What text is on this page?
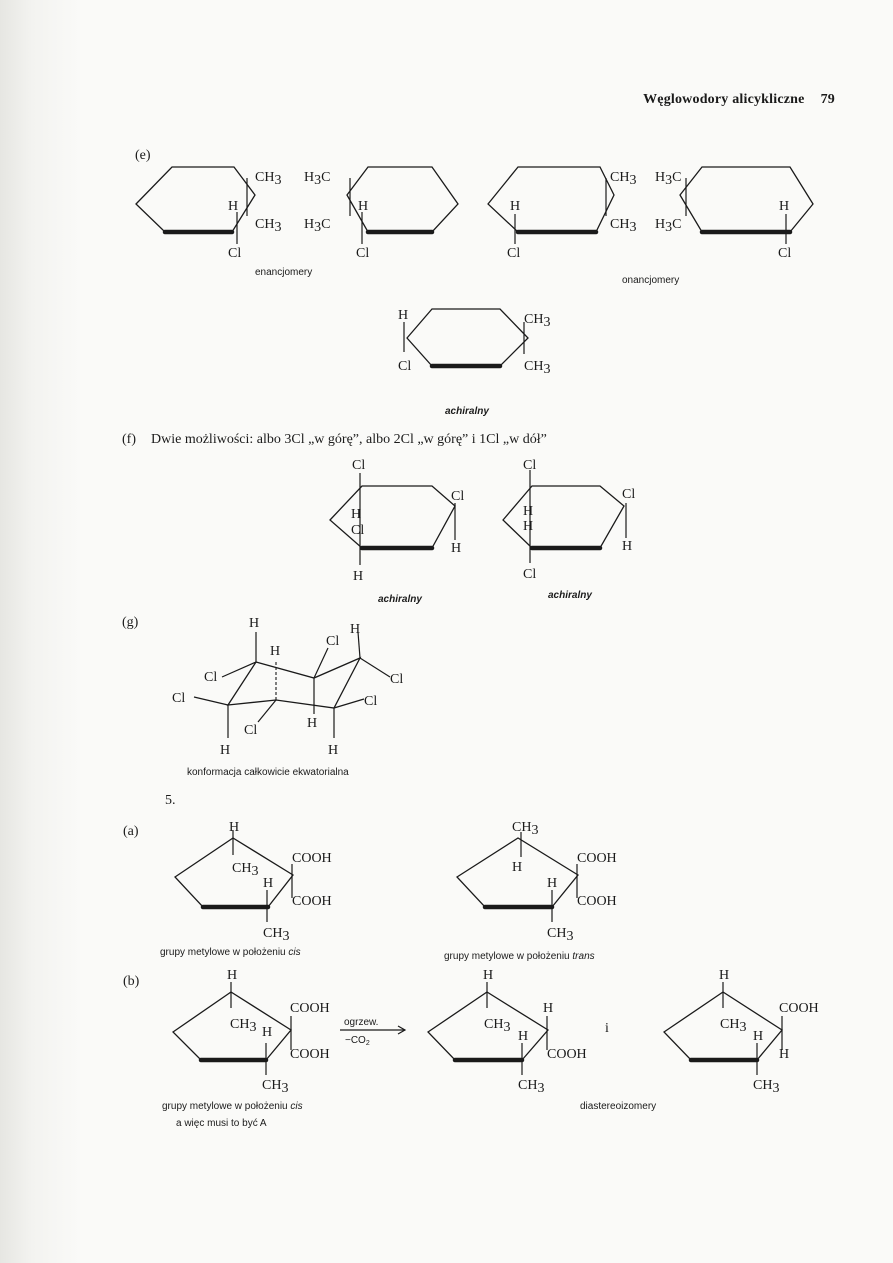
Węglowodory alicykliczne 79
(e)
CH3
CH3
H
Cl
H3C
H3C
H
Cl
enancjomery
CH3
CH3
H
Cl
H3C
H3C
H
Cl
onancjomery
H
Cl
CH3
CH3
achiralny
(f) Dwie możliwości: albo 3Cl „w górę”, albo 2Cl „w górę” i 1Cl „w dół”
Cl
H
Cl
H
Cl
H
achiralny
Cl
H
H
Cl
Cl
H
achiralny
(g)	H	H
H
Cl
Cl	Cl
Cl	Cl
Cl	H
H	H
konformacja całkowicie ekwatorialna
5.
(a)	H
CH3
COOH
H
COOH
CH3
grupy metylowe w położeniu cis
CH3
H
COOH
H
COOH
CH3
grupy metylowe w położeniu trans
(b)	H
CH3 H
COOH
COOH
CH3
grupy metylowe w położeniu cis
a więc musi to być A
ogrzew.
$-CO_2$
H
CH3
H
H
COOH
CH3
i
H
CH3
COOH
H
H
CH3
diastereoizomery
